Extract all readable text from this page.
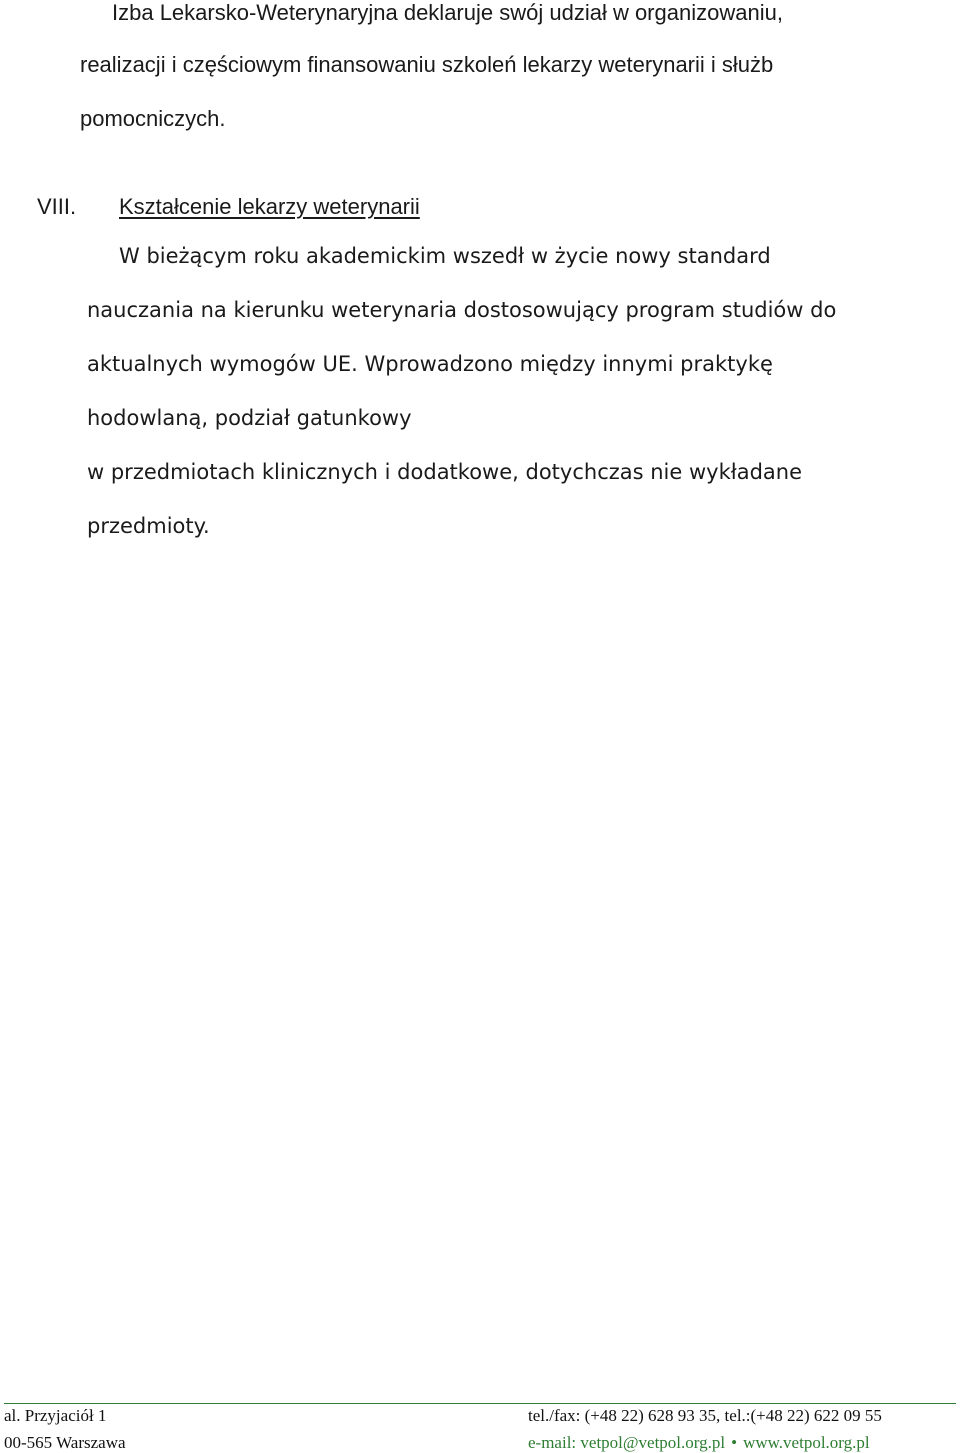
Izba Lekarsko-Weterynaryjna deklaruje swój udział w organizowaniu,
realizacji i częściowym finansowaniu szkoleń lekarzy weterynarii i służb
pomocniczych.
VIII. Kształcenie lekarzy weterynarii
W bieżącym roku akademickim wszedł w życie nowy standard
nauczania na kierunku weterynaria dostosowujący program studiów do
aktualnych wymogów UE. Wprowadzono między innymi praktykę
hodowlaną, podział gatunkowy
w przedmiotach klinicznych i dodatkowe, dotychczas nie wykładane
przedmioty.
al. Przyjaciół 1
00-565 Warszawa
tel./fax: (+48 22) 628 93 35, tel.:(+48 22) 622 09 55
e-mail: vetpol@vetpol.org.pl • www.vetpol.org.pl
